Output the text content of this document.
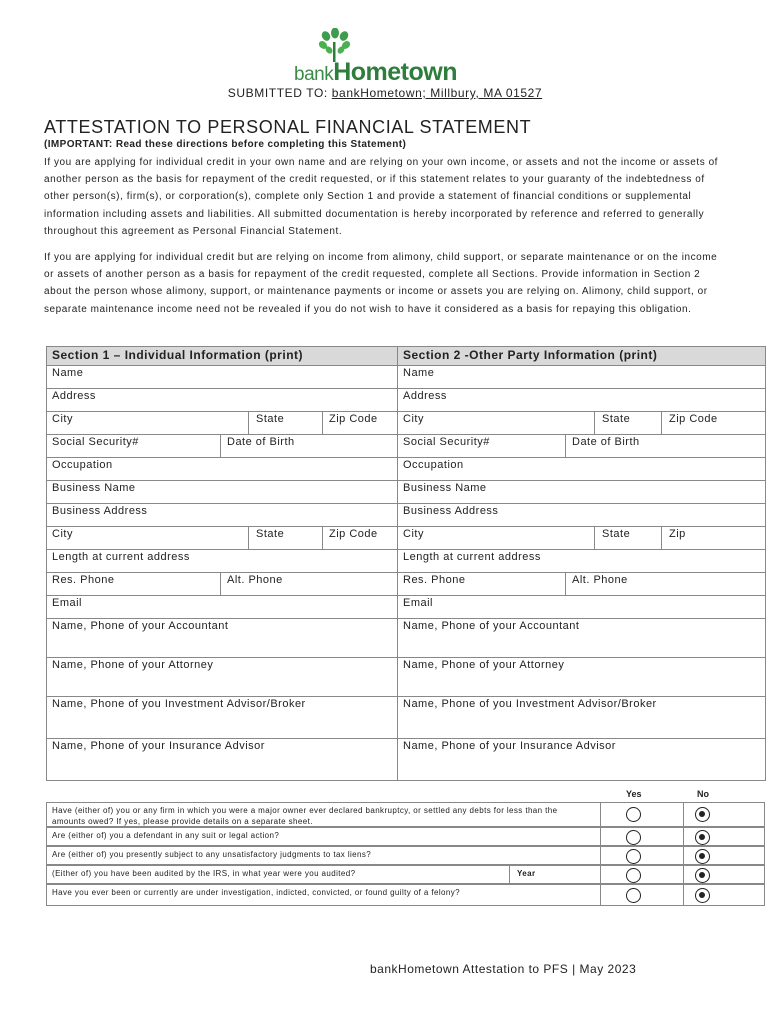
bankHometown
SUBMITTED TO: bankHometown; Millbury, MA 01527
ATTESTATION TO PERSONAL FINANCIAL STATEMENT
(IMPORTANT: Read these directions before completing this Statement)
If you are applying for individual credit in your own name and are relying on your own income, or assets and not the income or assets of another person as the basis for repayment of the credit requested, or if this statement relates to your guaranty of the indebtedness of other person(s), firm(s), or corporation(s), complete only Section 1 and provide a statement of financial conditions or supplemental information including assets and liabilities. All submitted documentation is hereby incorporated by reference and referred to generally throughout this agreement as Personal Financial Statement.
If you are applying for individual credit but are relying on income from alimony, child support, or separate maintenance or on the income or assets of another person as a basis for repayment of the credit requested, complete all Sections. Provide information in Section 2 about the person whose alimony, support, or maintenance payments or income or assets you are relying on. Alimony, child support, or separate maintenance income need not be revealed if you do not wish to have it considered as a basis for repaying this obligation.
Section 1 – Individual Information (print)	Section 2 -Other Party Information (print)
Name	Name
Address	Address

City State Zip Code	City State Zip Code

Social Security# Date of Birth	Social Security# Date of Birth

Occupation	Occupation
Business Name	Business Name
Business Address	Business Address

City State Zip Code	City State Zip

Length at current address	Length at current address

Res. Phone Alt. Phone	Res. Phone Alt. Phone

Email	Email
Name, Phone of your Accountant	Name, Phone of your Accountant
Name, Phone of your Attorney	Name, Phone of your Attorney
Name, Phone of you Investment Advisor/Broker	Name, Phone of you Investment Advisor/Broker
Name, Phone of your Insurance Advisor	Name, Phone of your Insurance Advisor
Yes	No
Have (either of) you or any firm in which you were a major owner ever declared bankruptcy, or settled any debts for less than the
amounts owed? If yes, please provide details on a separate sheet.
Are (either of) you a defendant in any suit or legal action?
Are (either of) you presently subject to any unsatisfactory judgments to tax liens?
(Either of) you have been audited by the IRS, in what year were you audited?	Year
Have you ever been or currently are under investigation, indicted, convicted, or found guilty of a felony?
bankHometown Attestation to PFS | May 2023
